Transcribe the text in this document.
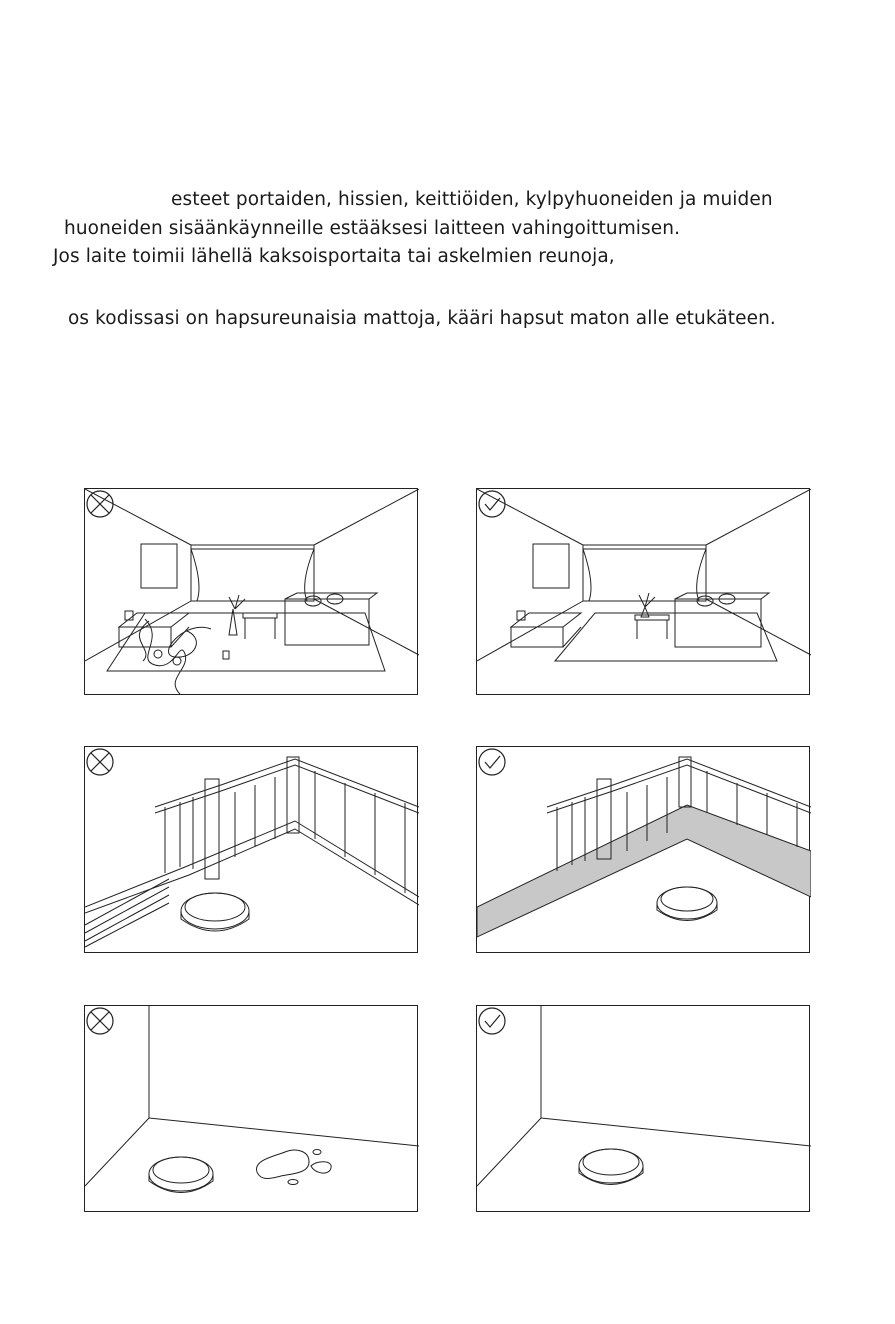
esteet portaiden, hissien, keittiöiden, kylpyhuoneiden ja muiden
huoneiden sisäänkäynneille estääksesi laitteen vahingoittumisen.
Jos laite toimii lähellä kaksoisportaita tai askelmien reunoja,
os kodissasi on hapsureunaisia mattoja, kääri hapsut maton alle etukäteen.
